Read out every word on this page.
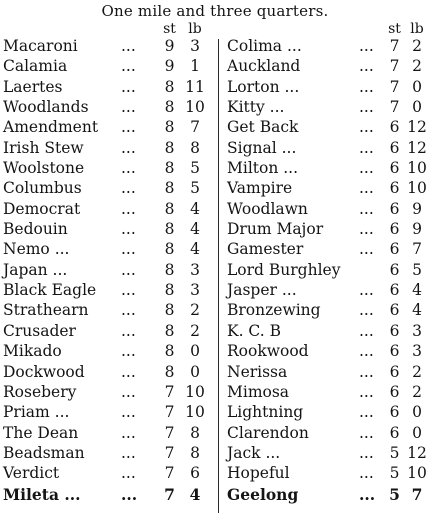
One mile and three quarters.
st lb	st lb
Macaroni	...	9	3	Colima ...	...	7 2
Calamia	...	9	1	Auckland	...	7 2
Laertes	...	8 11 Lorton ...	...	7 0
Woodlands ...	8 10 Kitty ...	...	7 0
Amendment ...	8	7	Get Back	...	6 12
Irish Stew ...	8	8	Signal ...	...	6 12
Woolstone ...	8	5	Milton ...	...	6 10
Columbus	...	8	5	Vampire	...	6 10
Democrat	...	8	4	Woodlawn	...	6 9
Bedouin	...	8	4	Drum Major ...	6 9
Nemo ...	...	8	4	Gamester	...	6 7
Japan ...	...	8	3	Lord Burghley	6 5
Black Eagle ...	8	3	Jasper ...	...	6 4
Strathearn ...	8	2	Bronzewing ...	6 4
Crusader	...	8	2	K. C. B	...	6 3
Mikado	...	8	0	Rookwood	...	6 3
Dockwood ...	8	0	Nerissa	...	6 2
Rosebery	...	7 10 Mimosa	...	6 2
Priam ...	...	7 10 Lightning	...	6 0
The Dean	...	7	8	Clarendon	...	6 0
Beadsman ...	7	8	Jack ...	...	5 12
Verdict	...	7	6	Hopeful	...	5 10
Mileta ...	...	7 4	Geelong	... 5 7
